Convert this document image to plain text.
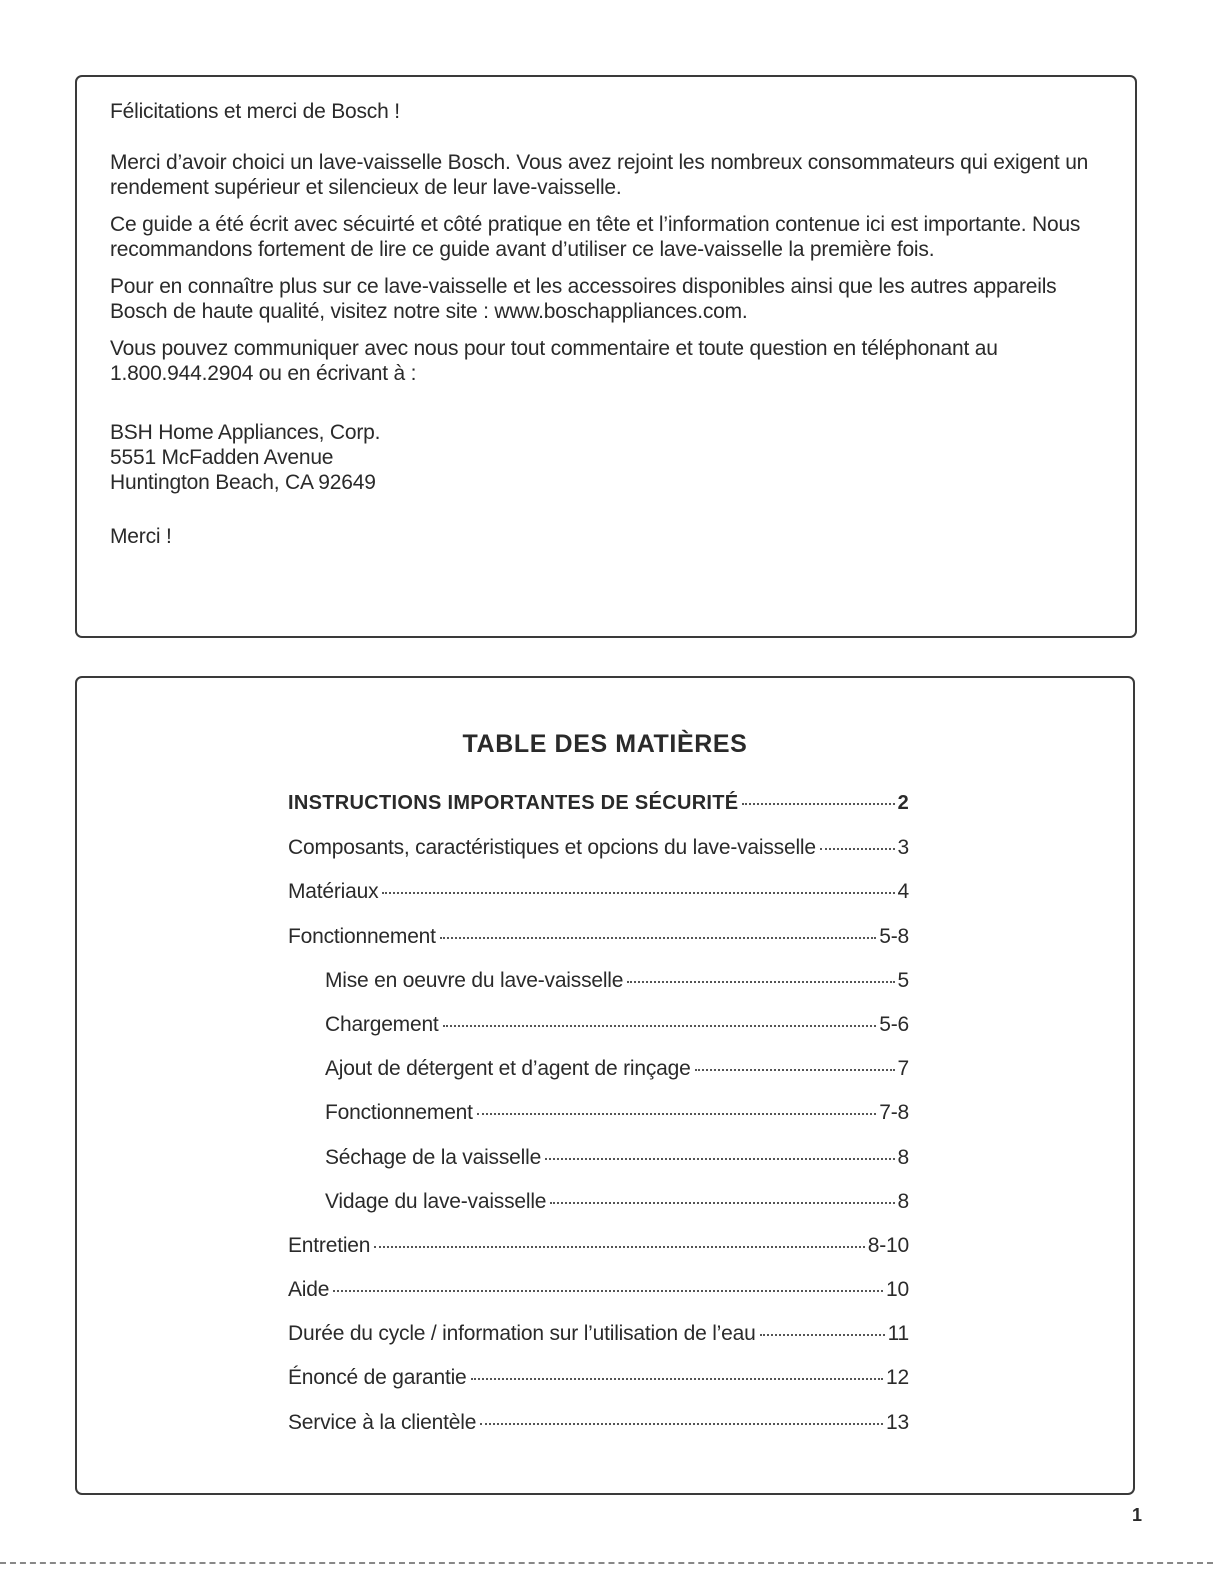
Félicitations et merci de Bosch !

Merci d’avoir choici un lave-vaisselle Bosch. Vous avez rejoint les nombreux consommateurs qui exigent un rendement supérieur et silencieux de leur lave-vaisselle.

Ce guide a été écrit avec sécuirté et côté pratique en tête et l’information contenue ici est importante. Nous recommandons fortement de lire ce guide avant d’utiliser ce lave-vaisselle la première fois.

Pour en connaître plus sur ce lave-vaisselle et les accessoires disponibles ainsi que les autres appareils Bosch de haute qualité, visitez notre site : www.boschappliances.com.

Vous pouvez communiquer avec nous pour tout commentaire et toute question en téléphonant au 1.800.944.2904 ou en écrivant à :

BSH Home Appliances, Corp.
5551 McFadden Avenue
Huntington Beach, CA 92649

Merci !

TABLE DES MATIÈRES
INSTRUCTIONS IMPORTANTES DE SÉCURITÉ	2
Composants, caractéristiques et opcions du lave-vaisselle	3
Matériaux	4
Fonctionnement	5-8
Mise en oeuvre du lave-vaisselle	5
Chargement	5-6
Ajout de détergent et d’agent de rinçage	7
Fonctionnement	7-8
Séchage de la vaisselle	8
Vidage du lave-vaisselle	8
Entretien	8-10
Aide	10
Durée du cycle / information sur l’utilisation de l’eau	11
Énoncé de garantie	12
Service à la clientèle	13
1
